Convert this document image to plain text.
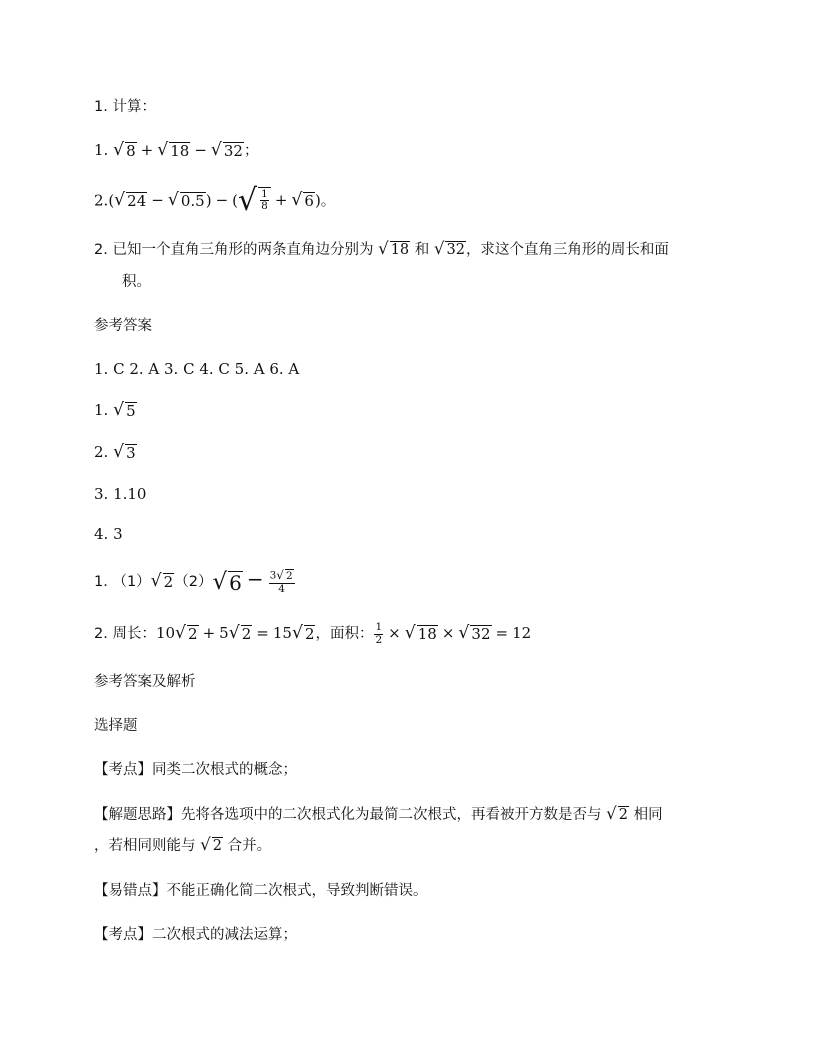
1. 计算：
1. √ 8 + √ 18 − √ 32 ；
2.( √ 24 − √ 0.5 ) − ( √ $\frac{1}{8}$ + √ 6 )。
2. 已知一个直角三角形的两条直角边分别为 √ 18 和 √ 32 ，求这个直角三角形的周长和面
积。
参考答案
1. C 2. A 3. C 4. C 5. A 6. A
1. √ 5
2. √ 3
3. 1.10
4. 3
1. （1） √ 2 （2） √ $6 - \frac{3 √ 2}{4}$
2. 周长：10 √ 2 + 5 √ 2 = 15 √ 2 ，面积： $\frac{1}{2}$ × √ 18 × √ 32 = 12
参考答案及解析
选择题
【考点】同类二次根式的概念；
【解题思路】先将各选项中的二次根式化为最简二次根式，再看被开方数是否与 √ 2 相同
，若相同则能与 √ 2 合并。
【易错点】不能正确化简二次根式，导致判断错误。
【考点】二次根式的减法运算；
